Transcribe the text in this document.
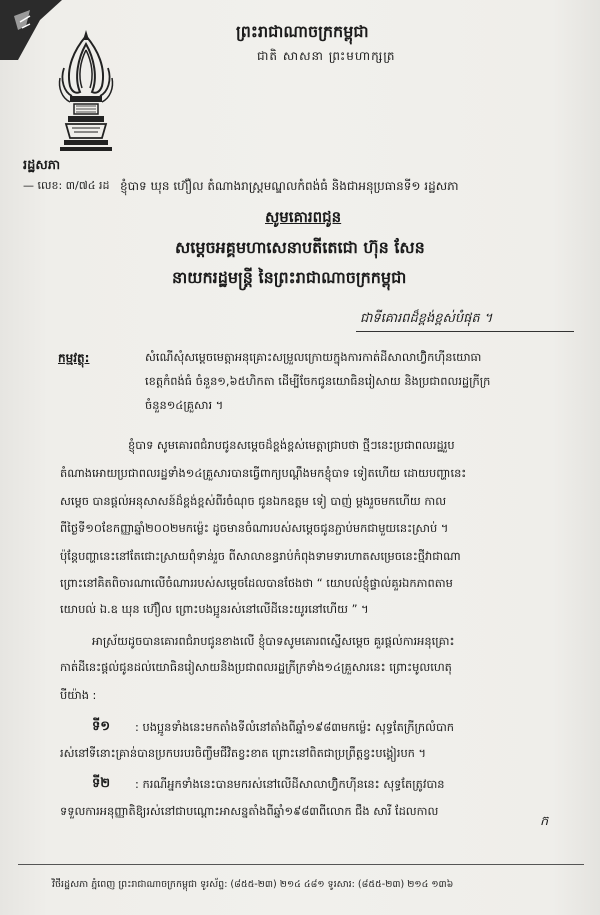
ព្រះរាជាណាចក្រកម្ពុជា
ជាតិ សាសនា ព្រះមហាក្សត្រ
រដ្ឋសភា
— លេខ: ៣/៧៤ រដ ខ្ញុំបាទ ឃុន ហ៊ឿល តំណាងរាស្ត្រមណ្ឌលកំពង់ធំ និងជាអនុប្រធានទី១ រដ្ឋសភា
សូមគោរពជូន
សម្តេចអគ្គមហាសេនាបតីតេជោ ហ៊ុន សែន
នាយករដ្ឋមន្ត្រី នៃព្រះរាជាណាចក្រកម្ពុជា
ជាទីគោរពដ៏ខ្ពង់ខ្ពស់បំផុត ។
កម្មវត្ថុ:	សំណើសុំសម្តេចមេត្តាអនុគ្រោះសម្រួលក្រោយក្នុងការកាត់ដីសាលាហ៊្វិកហ៊ីនយោធា
ខេត្តកំពង់ធំ ចំនួន១,៦៥ហិកតា ដើម្បីចែកជូនយោធិនរៀសាយ និងប្រជាពលរដ្ឋក្រីក្រ
ចំនួន១៤គ្រួសារ ។
ខ្ញុំបាទ សូមគោរពជំរាបជូនសម្តេចដ៏ខ្ពង់ខ្ពស់មេត្តាជ្រាបថា ថ្មីៗនេះប្រជាពលរដ្ឋរួប
តំណាងអោយប្រជាពលរដ្ឋទាំង១៤គ្រួសារបានធ្វើពាក្យបណ្តឹងមកខ្ញុំបាទ ទៀតហើយ ដោយបញ្ហានេះ
សម្តេច បានផ្តល់អនុសាសន៍ដ៏ខ្ពង់ខ្ពស់ពីរចំណុច ជូនឯកឧត្តម ទៀ បាញ់ ម្តងរួចមកហើយ កាល
ពីថ្ងៃទី១០ខែកញ្ញាឆ្នាំ២០០២មកម្ល៉េះ ដូចមានចំណារបស់សម្តេចជូនភ្ជាប់មកជាមួយនេះស្រាប់ ។
ប៉ុន្តែបញ្ហានេះនៅតែជោះស្រាយពុំទាន់រួច ពីសាលាខន្ធរាប់កំពុងទាមទារហាតសម្រេចនេះថ្មីវាជាណា
ព្រោះនៅគិតពិចារណាលើចំណាររបស់សម្តេចដែលបានថែងថា “ យោបល់ខ្ញុំផ្ទាល់គួរឯកភាពតាម
យោបល់ ឯ.ឧ ឃុន ហ៊ឿល ព្រោះបងប្អូនរស់នៅលើដីនេះយូរនៅហើយ ” ។
អាស្រ័យដូចបានគោរពជំរាបជូនខាងលើ ខ្ញុំបាទសូមគោរពស្នើសម្តេច គួរផ្តល់ការអនុគ្រោះ
កាត់ដីនេះផ្តល់ជូនដល់យោធិនរៀសាយនិងប្រជាពលរដ្ឋក្រីក្រទាំង១៤គ្រួសារនេះ ព្រោះមូលហេតុ
បីយ៉ាង :
ទី១ : បងប្អូនទាំងនេះមកតាំងទីលំនៅតាំងពីឆ្នាំ១៩៨៣មកម្ល៉េះ សុទ្ធតែក្រីក្រលំបាក
រស់នៅទីនោះគ្រាន់បានប្រកបរបរចិញ្ចឹមជីវិតខ្វះខាត ព្រោះនៅពិតជាប្រព្រឹត្តខ្វះបង្គៀរបក ។
ទី២ : ករណីអ្នកទាំងនេះបានមករស់នៅលើដីសាលាហ៊្វិកហ៊ីននេះ សុទ្ធតែត្រូវបាន
ទទួលការអនុញ្ញាតិឱ្យរស់នៅជាបណ្តោះអាសន្នតាំងពីឆ្នាំ១៩៨៣ពីលោក ជឹង សារី ដែលកាល
ក
វិថីរដ្ឋសភា ភ្នំពេញ ព្រះរាជាណាចក្រកម្ពុជា ទូរស័ព្ទ: (៨៥៥-២៣) ២១៤ ៤៨១ ទូរសារ: (៨៥៥-២៣) ២១៤ ១៣៦
